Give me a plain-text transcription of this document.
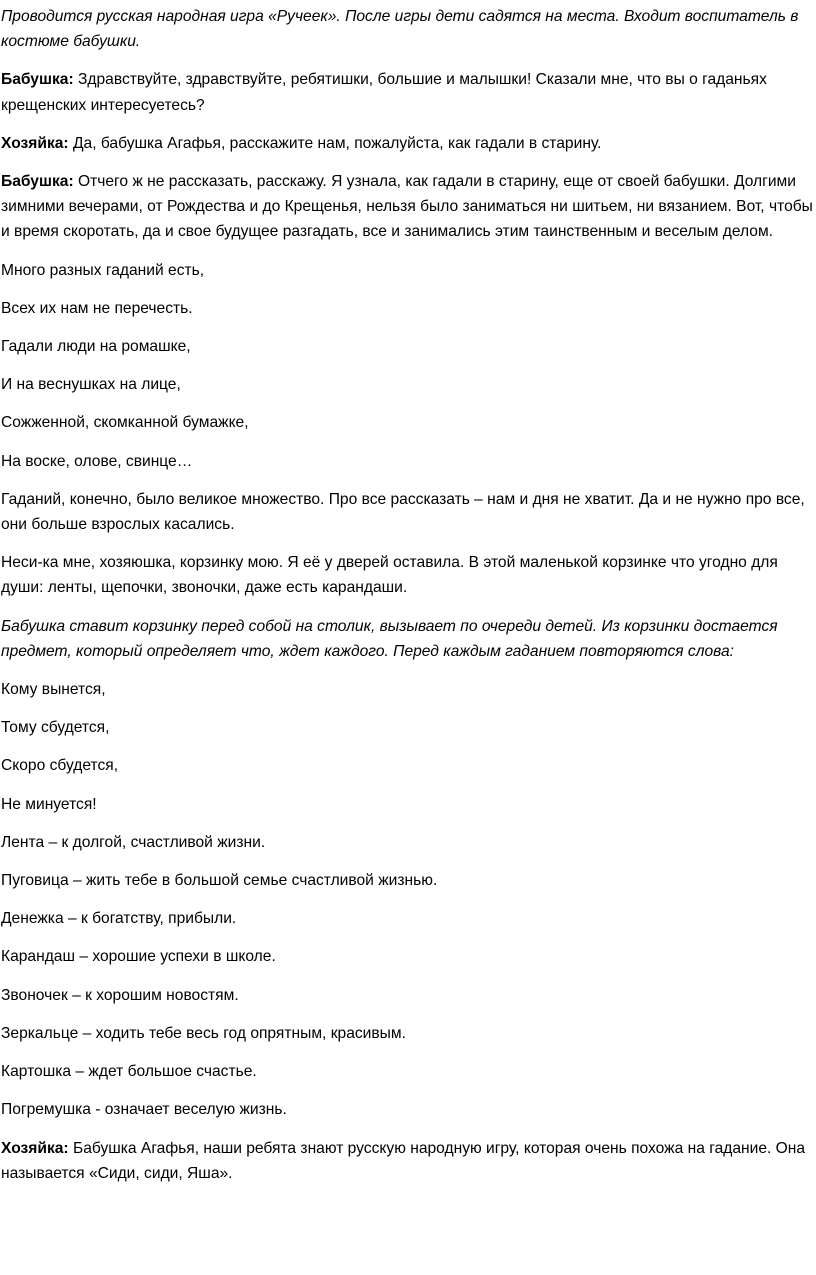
Проводится русская народная игра «Ручеек». После игры дети садятся на места. Входит воспитатель в костюме бабушки.

Бабушка: Здравствуйте, здравствуйте, ребятишки, большие и малышки! Сказали мне, что вы о гаданьях крещенских интересуетесь?

Хозяйка: Да, бабушка Агафья, расскажите нам, пожалуйста, как гадали в старину.

Бабушка: Отчего ж не рассказать, расскажу. Я узнала, как гадали в старину, еще от своей бабушки. Долгими зимними вечерами, от Рождества и до Крещенья, нельзя было заниматься ни шитьем, ни вязанием. Вот, чтобы и время скоротать, да и свое будущее разгадать, все и занимались этим таинственным и веселым делом.

Много разных гаданий есть,

Всех их нам не перечесть.

Гадали люди на ромашке,

И на веснушках на лице,

Сожженной, скомканной бумажке,

На воске, олове, свинце…

Гаданий, конечно, было великое множество. Про все рассказать – нам и дня не хватит. Да и не нужно про все, они больше взрослых касались.

Неси-ка мне, хозяюшка, корзинку мою. Я её у дверей оставила. В этой маленькой корзинке что угодно для души: ленты, щепочки, звоночки, даже есть карандаши.

Бабушка ставит корзинку перед собой на столик, вызывает по очереди детей. Из корзинки достается предмет, который определяет что, ждет каждого. Перед каждым гаданием повторяются слова:

Кому вынется,

Тому сбудется,

Скоро сбудется,

Не минуется!

Лента – к долгой, счастливой жизни.

Пуговица – жить тебе в большой семье счастливой жизнью.

Денежка – к богатству, прибыли.

Карандаш – хорошие успехи в школе.

Звоночек – к хорошим новостям.

Зеркальце – ходить тебе весь год опрятным, красивым.

Картошка – ждет большое счастье.

Погремушка - означает веселую жизнь.

Хозяйка: Бабушка Агафья, наши ребята знают русскую народную игру, которая очень похожа на гадание. Она называется «Сиди, сиди, Яша».
